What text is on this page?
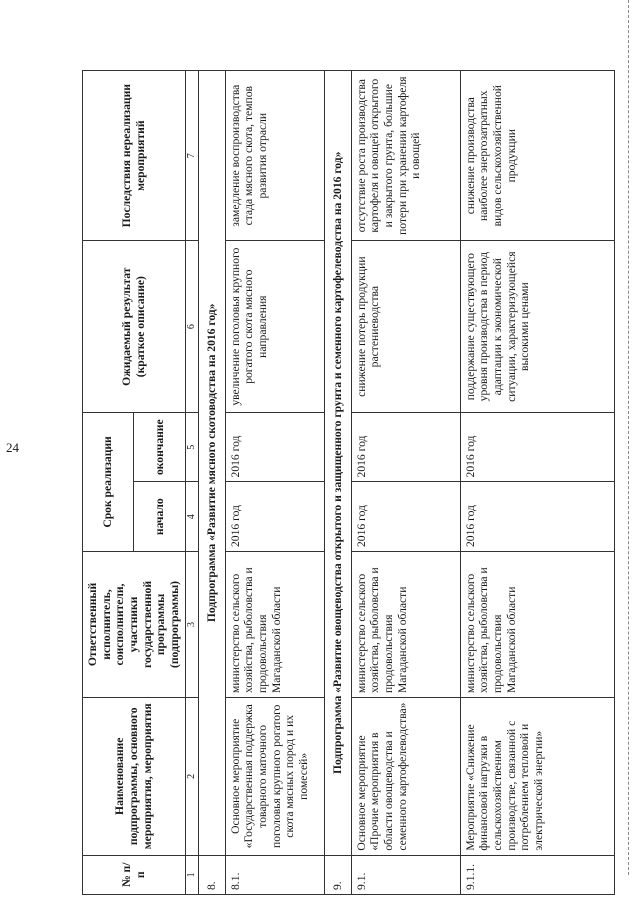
24
№ п/п	Наименование подпрограммы, основного мероприятия, мероприятия	Ответственный исполнитель, соисполнители, участники государственной программы (подпрограммы)	Срок реализации		Ожидаемый результат (краткое описание)	Последствия нереализации мероприятий
			начало	окончание		
1	2	3	4	5	6	7
8.	Подпрограмма «Развитие мясного скотоводства на 2016 год»					
8.1.	Основное мероприятие «Государственная поддержка товарного маточного поголовья крупного рогатого скота мясных пород и их помесей»	министерство сельского хозяйства, рыболовства и продовольствия Магаданской области	2016 год	2016 год	увеличение поголовья крупного рогатого скота мясного направления	замедление воспроизводства стада мясного скота, темпов развития отрасли
9.	Подпрограмма «Развитие овощеводства открытого и защищенного грунта и семенного картофелеводства на 2016 год»					
9.1.	Основное мероприятие «Прочие мероприятия в области овощеводства и семенного картофелеводства»	министерство сельского хозяйства, рыболовства и продовольствия Магаданской области	2016 год	2016 год	снижение потерь продукции растениеводства	отсутствие роста производства картофеля и овощей открытого и закрытого грунта, большие потери при хранении картофеля и овощей
9.1.1.	Мероприятие «Снижение финансовой нагрузки в сельскохозяйственном производстве, связанной с потреблением тепловой и электрической энергии»	министерство сельского хозяйства, рыболовства и продовольствия Магаданской области	2016 год	2016 год	поддержание существующего уровня производства в период адаптации к экономической ситуации, характеризующейся высокими ценами	снижение производства наиболее энергозатратных видов сельскохозяйственной продукции
